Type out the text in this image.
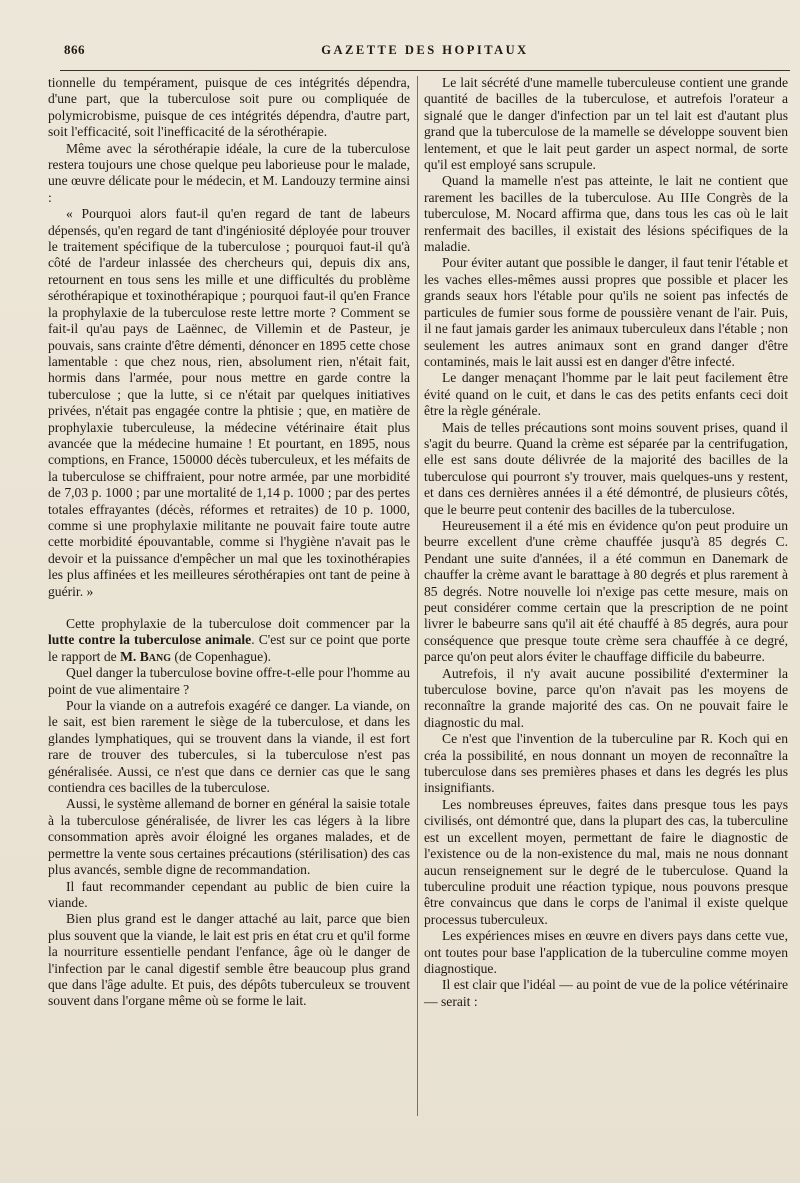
866	GAZETTE DES HOPITAUX

tionnelle du tempérament, puisque de ces intégrités dépendra, d'une part, que la tuberculose soit pure ou compliquée de polymicrobisme, puisque de ces intégrités dépendra, d'autre part, soit l'efficacité, soit l'inefficacité de la sérothérapie.

Même avec la sérothérapie idéale, la cure de la tuberculose restera toujours une chose quelque peu laborieuse pour le malade, une œuvre délicate pour le médecin, et M. Landouzy termine ainsi :

« Pourquoi alors faut-il qu'en regard de tant de labeurs dépensés, qu'en regard de tant d'ingéniosité déployée pour trouver le traitement spécifique de la tuberculose ; pourquoi faut-il qu'à côté de l'ardeur inlassée des chercheurs qui, depuis dix ans, retournent en tous sens les mille et une difficultés du problème sérothérapique et toxinothérapique ; pourquoi faut-il qu'en France la prophylaxie de la tuberculose reste lettre morte ? Comment se fait-il qu'au pays de Laënnec, de Villemin et de Pasteur, je pouvais, sans crainte d'être démenti, dénoncer en 1895 cette chose lamentable : que chez nous, rien, absolument rien, n'était fait, hormis dans l'armée, pour nous mettre en garde contre la tuberculose ; que la lutte, si ce n'était par quelques initiatives privées, n'était pas engagée contre la phtisie ; que, en matière de prophylaxie tuberculeuse, la médecine vétérinaire était plus avancée que la médecine humaine ! Et pourtant, en 1895, nous comptions, en France, 150000 décès tuberculeux, et les méfaits de la tuberculose se chiffraient, pour notre armée, par une morbidité de 7,03 p. 1000 ; par une mortalité de 1,14 p. 1000 ; par des pertes totales effrayantes (décès, réformes et retraites) de 10 p. 1000, comme si une prophylaxie militante ne pouvait faire toute autre cette morbidité épouvantable, comme si l'hygiène n'avait pas le devoir et la puissance d'empêcher un mal que les toxinothérapies les plus affinées et les meilleures sérothérapies ont tant de peine à guérir. »

Cette prophylaxie de la tuberculose doit commencer par la lutte contre la tuberculose animale. C'est sur ce point que porte le rapport de M. Bang (de Copenhague).

Quel danger la tuberculose bovine offre-t-elle pour l'homme au point de vue alimentaire ?

Pour la viande on a autrefois exagéré ce danger. La viande, on le sait, est bien rarement le siège de la tuberculose, et dans les glandes lymphatiques, qui se trouvent dans la viande, il est fort rare de trouver des tubercules, si la tuberculose n'est pas généralisée. Aussi, ce n'est que dans ce dernier cas que le sang contiendra ces bacilles de la tuberculose.

Aussi, le système allemand de borner en général la saisie totale à la tuberculose généralisée, de livrer les cas légers à la libre consommation après avoir éloigné les organes malades, et de permettre la vente sous certaines précautions (stérilisation) des cas plus avancés, semble digne de recommandation.

Il faut recommander cependant au public de bien cuire la viande.

Bien plus grand est le danger attaché au lait, parce que bien plus souvent que la viande, le lait est pris en état cru et qu'il forme la nourriture essentielle pendant l'enfance, âge où le danger de l'infection par le canal digestif semble être beaucoup plus grand que dans l'âge adulte. Et puis, des dépôts tuberculeux se trouvent souvent dans l'organe même où se forme le lait.

Le lait sécrété d'une mamelle tuberculeuse contient une grande quantité de bacilles de la tuberculose, et autrefois l'orateur a signalé que le danger d'infection par un tel lait est d'autant plus grand que la tuberculose de la mamelle se développe souvent bien lentement, et que le lait peut garder un aspect normal, de sorte qu'il est employé sans scrupule.

Quand la mamelle n'est pas atteinte, le lait ne contient que rarement les bacilles de la tuberculose. Au IIIe Congrès de la tuberculose, M. Nocard affirma que, dans tous les cas où le lait renfermait des bacilles, il existait des lésions spécifiques de la maladie.

Pour éviter autant que possible le danger, il faut tenir l'étable et les vaches elles-mêmes aussi propres que possible et placer les grands seaux hors l'étable pour qu'ils ne soient pas infectés de particules de fumier sous forme de poussière venant de l'air. Puis, il ne faut jamais garder les animaux tuberculeux dans l'étable ; non seulement les autres animaux sont en grand danger d'être contaminés, mais le lait aussi est en danger d'être infecté.

Le danger menaçant l'homme par le lait peut facilement être évité quand on le cuit, et dans le cas des petits enfants ceci doit être la règle générale.

Mais de telles précautions sont moins souvent prises, quand il s'agit du beurre. Quand la crème est séparée par la centrifugation, elle est sans doute délivrée de la majorité des bacilles de la tuberculose qui pourront s'y trouver, mais quelques-uns y restent, et dans ces dernières années il a été démontré, de plusieurs côtés, que le beurre peut contenir des bacilles de la tuberculose.

Heureusement il a été mis en évidence qu'on peut produire un beurre excellent d'une crème chauffée jusqu'à 85 degrés C. Pendant une suite d'années, il a été commun en Danemark de chauffer la crème avant le barattage à 80 degrés et plus rarement à 85 degrés. Notre nouvelle loi n'exige pas cette mesure, mais on peut considérer comme certain que la prescription de ne point livrer le babeurre sans qu'il ait été chauffé à 85 degrés, aura pour conséquence que presque toute crème sera chauffée à ce degré, parce qu'on peut alors éviter le chauffage difficile du babeurre.

Autrefois, il n'y avait aucune possibilité d'exterminer la tuberculose bovine, parce qu'on n'avait pas les moyens de reconnaître la grande majorité des cas. On ne pouvait faire le diagnostic du mal.

Ce n'est que l'invention de la tuberculine par R. Koch qui en créa la possibilité, en nous donnant un moyen de reconnaître la tuberculose dans ses premières phases et dans les degrés les plus insignifiants.

Les nombreuses épreuves, faites dans presque tous les pays civilisés, ont démontré que, dans la plupart des cas, la tuberculine est un excellent moyen, permettant de faire le diagnostic de l'existence ou de la non-existence du mal, mais ne nous donnant aucun renseignement sur le degré de le tuberculose. Quand la tuberculine produit une réaction typique, nous pouvons presque être convaincus que dans le corps de l'animal il existe quelque processus tuberculeux.

Les expériences mises en œuvre en divers pays dans cette vue, ont toutes pour base l'application de la tuberculine comme moyen diagnostique.

Il est clair que l'idéal — au point de vue de la police vétérinaire — serait :
